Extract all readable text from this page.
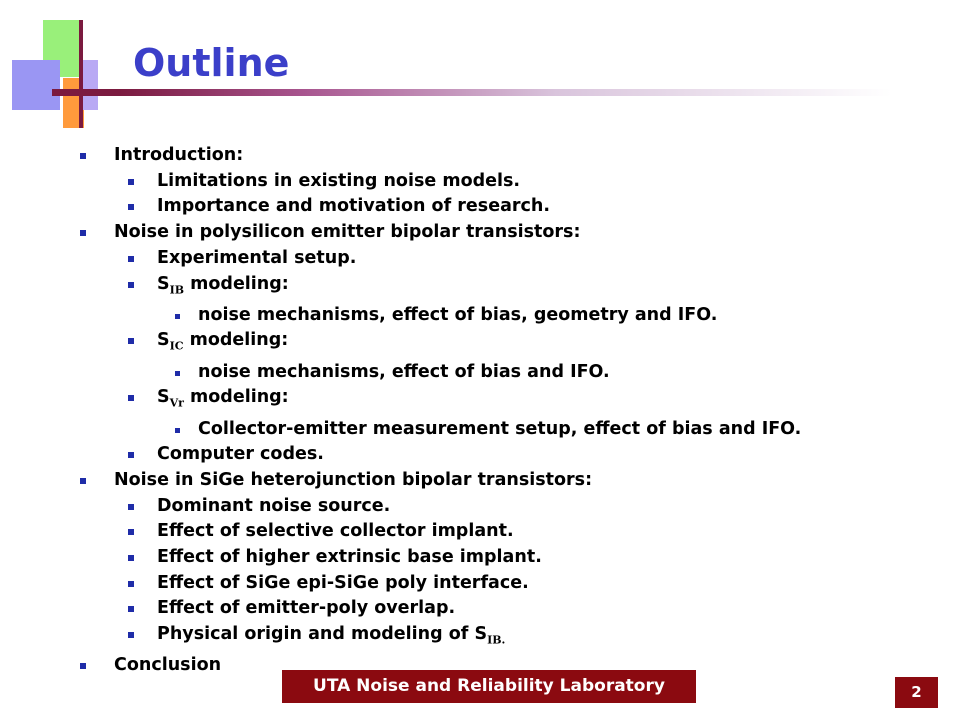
Outline
Introduction:
Limitations in existing noise models.
Importance and motivation of research.
Noise in polysilicon emitter bipolar transistors:
Experimental setup.
$S_{IB}$ modeling:
noise mechanisms, effect of bias, geometry and IFO.
$S_{IC}$ modeling:
noise mechanisms, effect of bias and IFO.
$S_{Vr}$ modeling:
Collector-emitter measurement setup, effect of bias and IFO.
Computer codes.
Noise in SiGe heterojunction bipolar transistors:
Dominant noise source.
Effect of selective collector implant.
Effect of higher extrinsic base implant.
Effect of SiGe epi-SiGe poly interface.
Effect of emitter-poly overlap.
Physical origin and modeling of $S_{IB.}$
Conclusion
UTA Noise and Reliability Laboratory	2
